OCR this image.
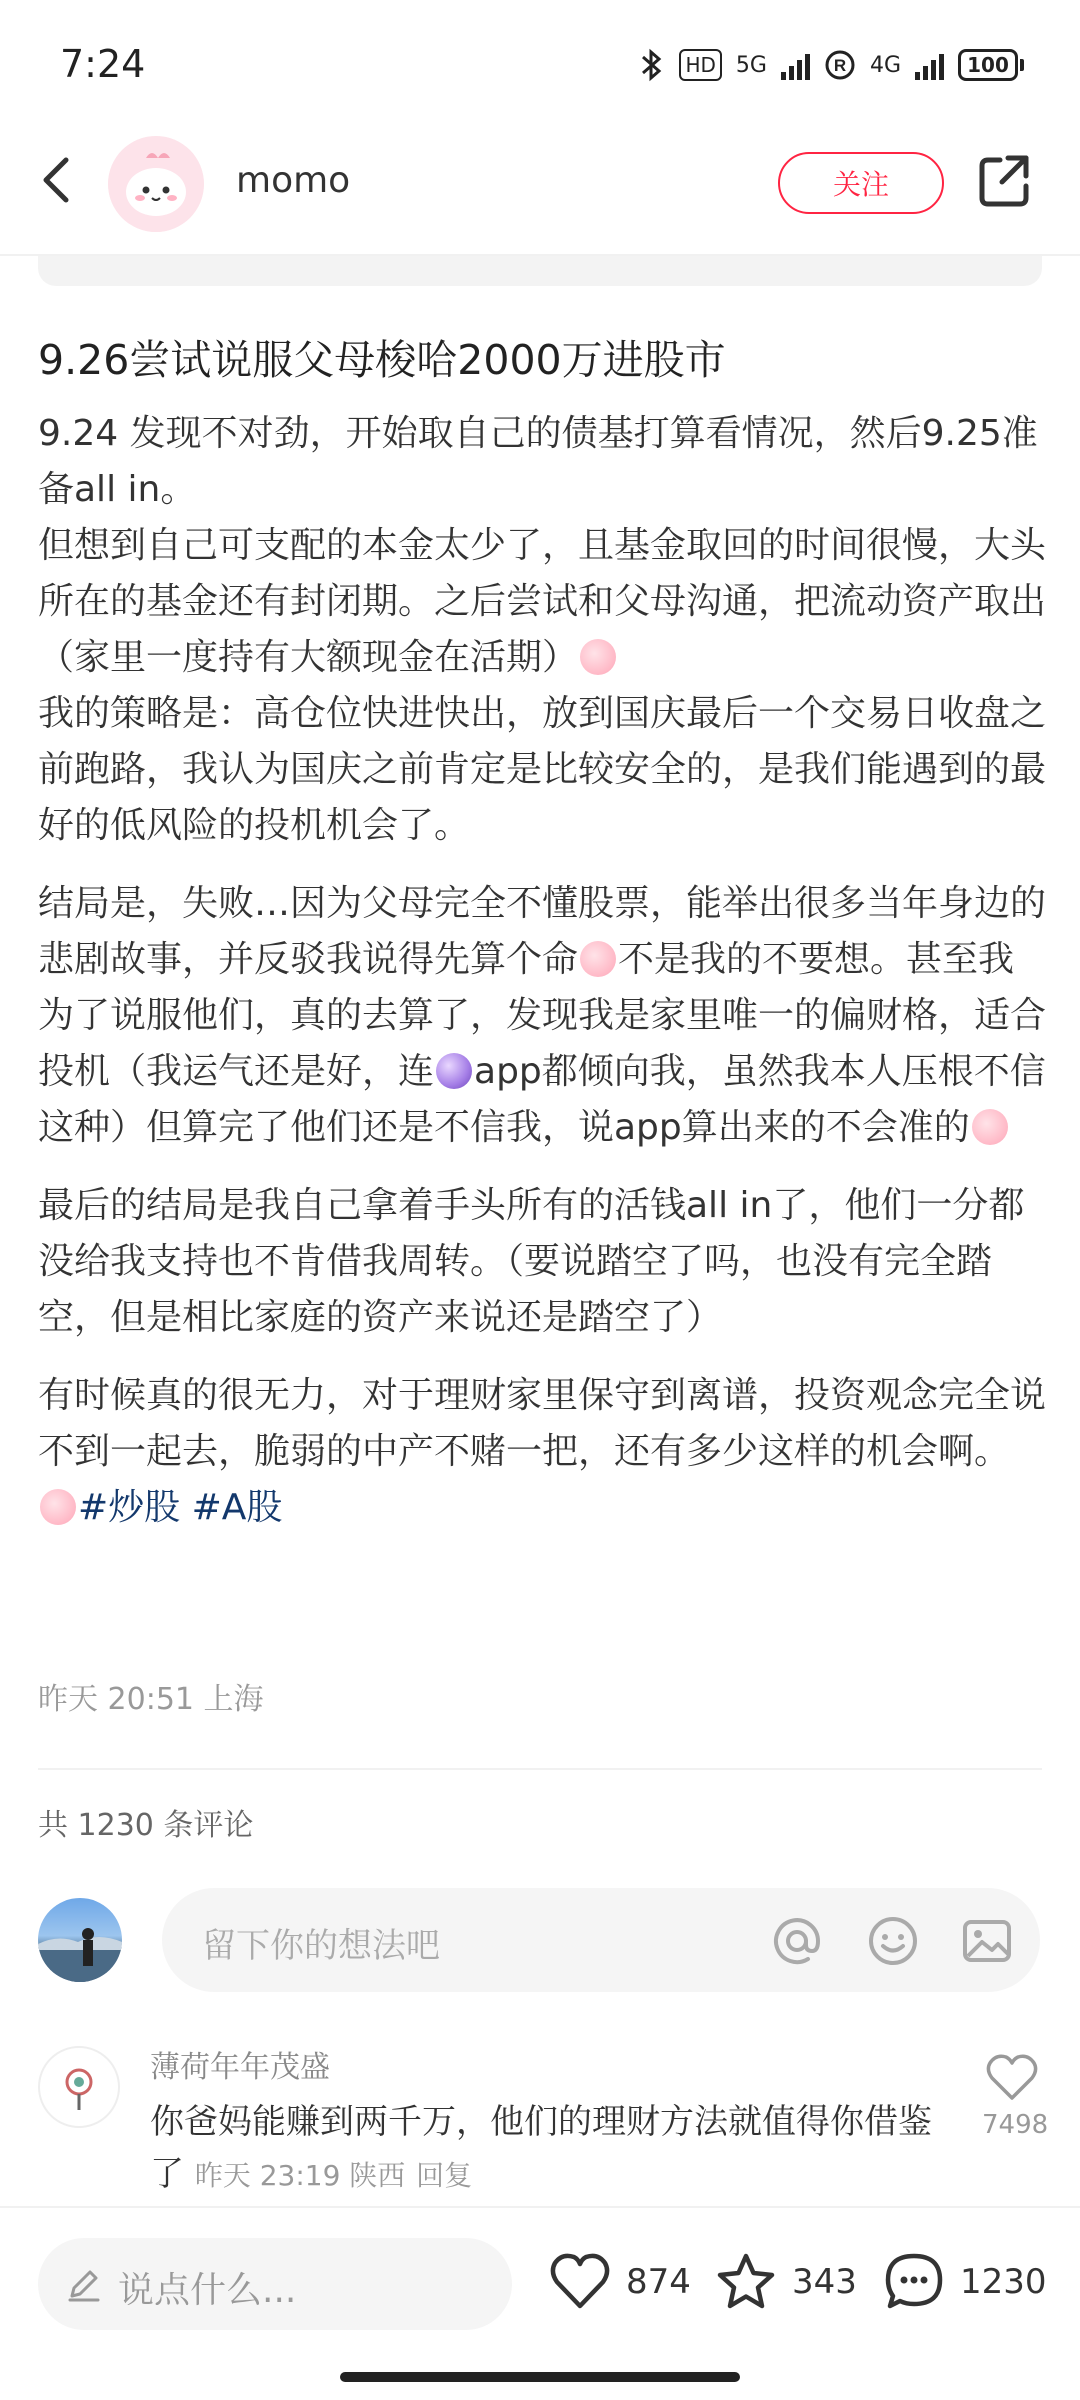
7:24	HD 5G	R 4G	100
momo	关注
9.26尝试说服父母梭哈2000万进股市

9.24 发现不对劲，开始取自己的债基打算看情况，然后9.25准备all in。

但想到自己可支配的本金太少了，且基金取回的时间很慢，大头所在的基金还有封闭期。之后尝试和父母沟通，把流动资产取出（家里一度持有大额现金在活期）

我的策略是：高仓位快进快出，放到国庆最后一个交易日收盘之前跑路，我认为国庆之前肯定是比较安全的，是我们能遇到的最好的低风险的投机机会了。

结局是，失败…因为父母完全不懂股票，能举出很多当年身边的悲剧故事，并反驳我说得先算个命 不是我的不要想。甚至我为了说服他们，真的去算了，发现我是家里唯一的偏财格，适合投机（我运气还是好，连 app都倾向我，虽然我本人压根不信这种）但算完了他们还是不信我，说app算出来的不会准的

最后的结局是我自己拿着手头所有的活钱all in了，他们一分都没给我支持也不肯借我周转。（要说踏空了吗，也没有完全踏空，但是相比家庭的资产来说还是踏空了）

有时候真的很无力，对于理财家里保守到离谱，投资观念完全说不到一起去，脆弱的中产不赌一把，还有多少这样的机会啊。#炒股 #A股

昨天 20:51 上海
共 1230 条评论
留下你的想法吧
薄荷年年茂盛
你爸妈能赚到两千万，他们的理财方法就值得你借鉴了 昨天 23:19 陕西 回复
7498
说点什么...	874	343	1230
